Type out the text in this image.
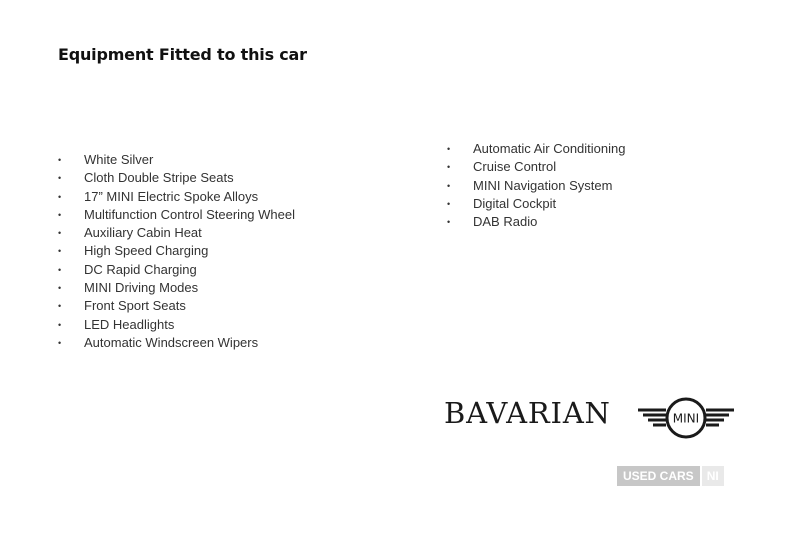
Equipment Fitted to this car
• White Silver
• Cloth Double Stripe Seats
• 17” MINI Electric Spoke Alloys
• Multifunction Control Steering Wheel
• Auxiliary Cabin Heat
• High Speed Charging
• DC Rapid Charging
• MINI Driving Modes
• Front Sport Seats
• LED Headlights
• Automatic Windscreen Wipers
• Automatic Air Conditioning
• Cruise Control
• MINI Navigation System
• Digital Cockpit
• DAB Radio
BAVARIAN	MINI
USED CARS	NI
